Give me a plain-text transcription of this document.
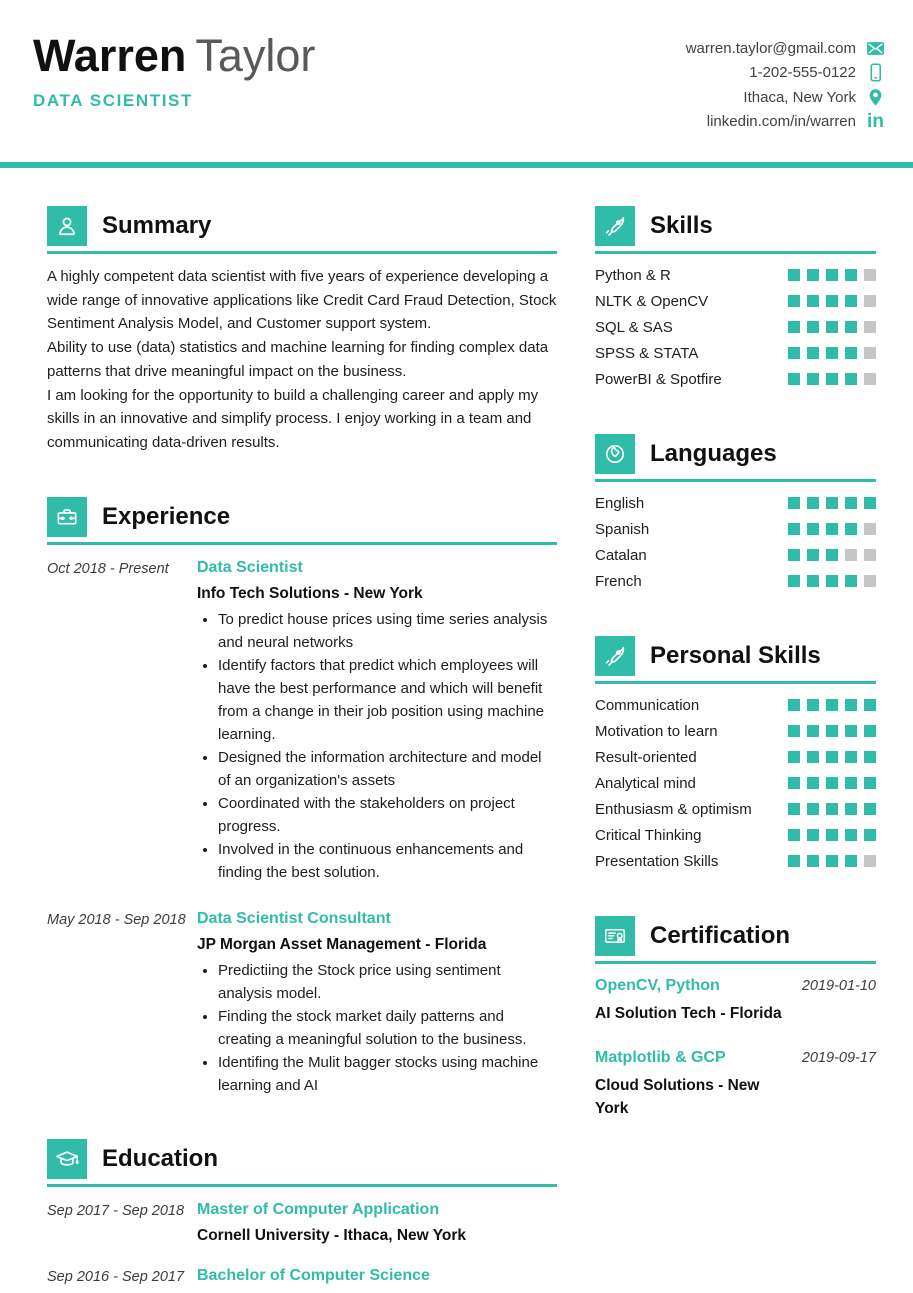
Warren Taylor
DATA SCIENTIST
warren.taylor@gmail.com
1-202-555-0122
Ithaca, New York
linkedin.com/in/warren in
Summary

A highly competent data scientist with five years of experience developing a wide range of innovative applications like Credit Card Fraud Detection, Stock Sentiment Analysis Model, and Customer support system.

Ability to use (data) statistics and machine learning for finding complex data patterns that drive meaningful impact on the business.

I am looking for the opportunity to build a challenging career and apply my skills in an innovative and simplify process. I enjoy working in a team and communicating data-driven results.

Experience
Oct 2018 - Present	Data Scientist
Info Tech Solutions - New York
• To predict house prices using time series analysis and neural networks
• Identify factors that predict which employees will have the best performance and which will benefit from a change in their job position using machine learning.
• Designed the information architecture and model of an organization's assets
• Coordinated with the stakeholders on project progress.
• Involved in the continuous enhancements and finding the best solution.
May 2018 - Sep 2018 Data Scientist Consultant
JP Morgan Asset Management - Florida
• Predictiing the Stock price using sentiment analysis model.
• Finding the stock market daily patterns and creating a meaningful solution to the business.
• Identifing the Mulit bagger stocks using machine learning and AI
Education
Sep 2017 - Sep 2018 Master of Computer Application
Cornell University - Ithaca, New York
Sep 2016 - Sep 2017 Bachelor of Computer Science
Skills
Python & R
NLTK & OpenCV
SQL & SAS
SPSS & STATA
PowerBI & Spotfire
Languages
English
Spanish
Catalan
French
Personal Skills
Communication
Motivation to learn
Result-oriented
Analytical mind
Enthusiasm & optimism
Critical Thinking
Presentation Skills
Certification
OpenCV, Python	2019-01-10
AI Solution Tech - Florida
Matplotlib & GCP	2019-09-17
Cloud Solutions - New York
